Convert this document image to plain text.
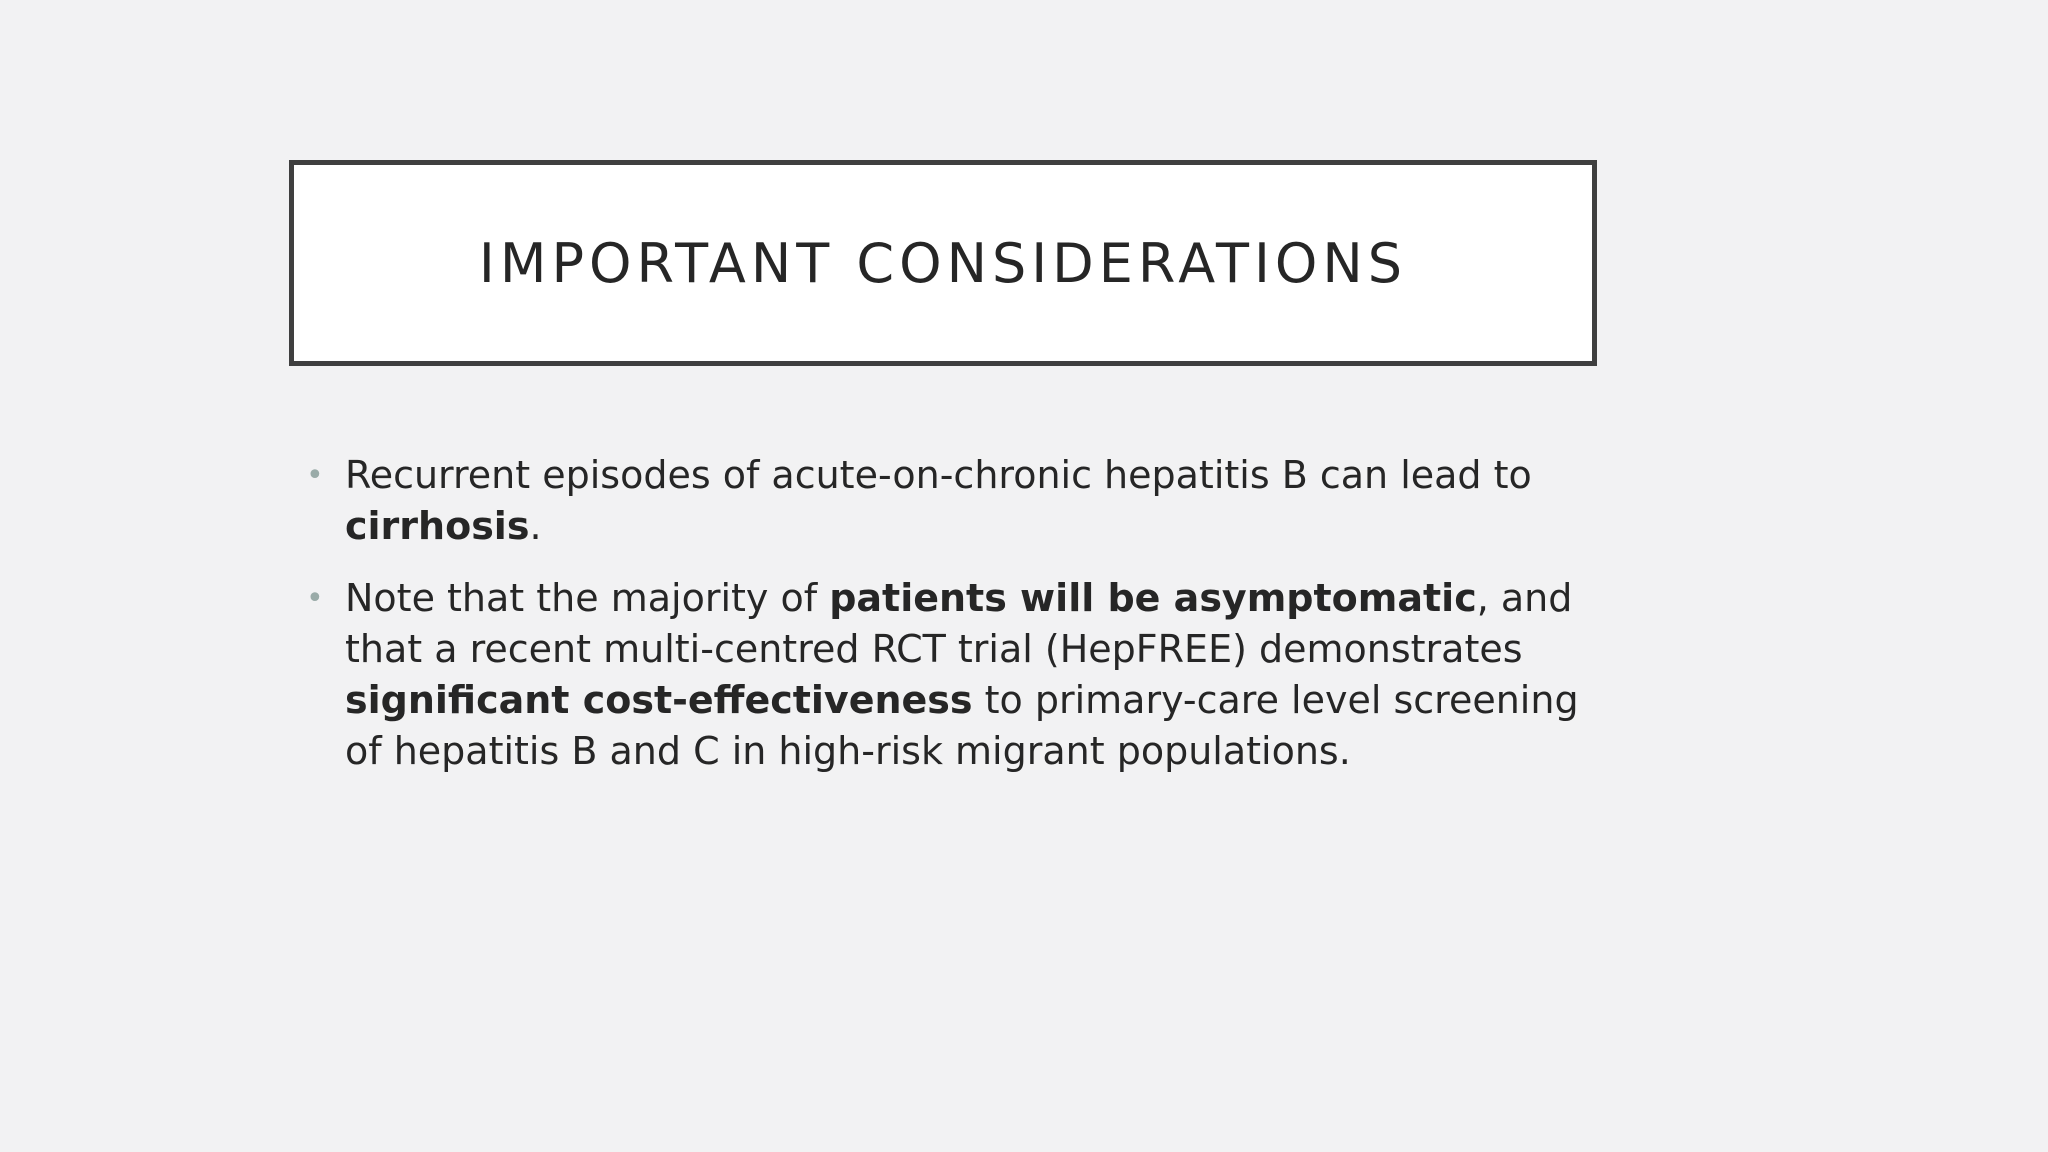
IMPORTANT CONSIDERATIONS
• Recurrent episodes of acute-on-chronic hepatitis B can lead to cirrhosis.
• Note that the majority of patients will be asymptomatic, and that a recent multi-centred RCT trial (HepFREE) demonstrates significant cost-effectiveness to primary-care level screening of hepatitis B and C in high-risk migrant populations.
